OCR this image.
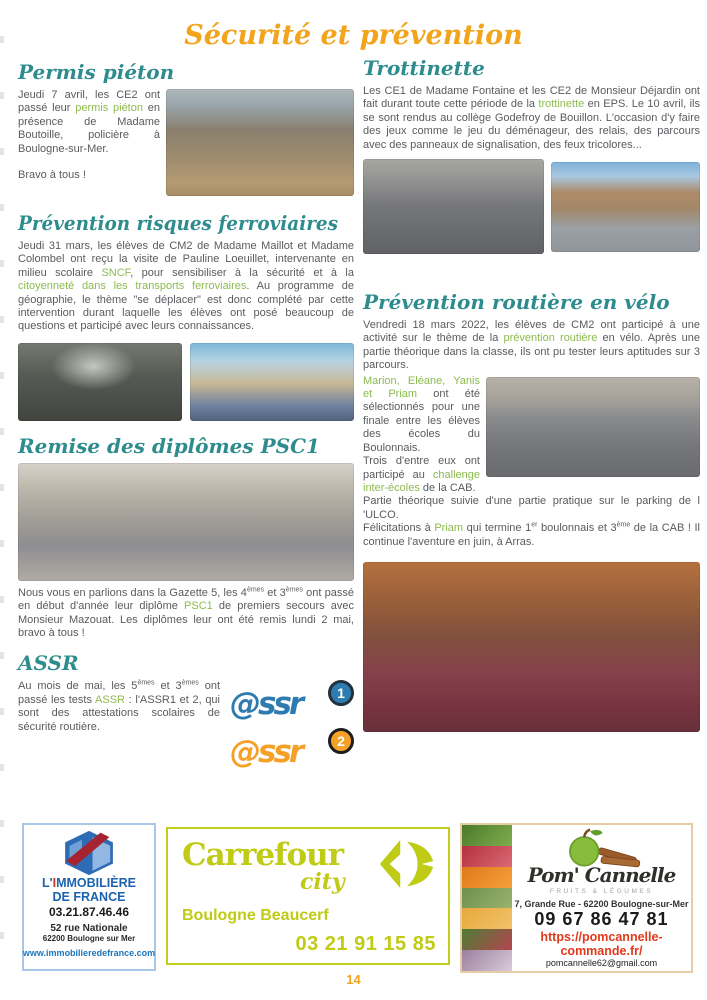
Sécurité et prévention
Permis piéton

Jeudi 7 avril, les CE2 ont passé leur permis piéton en présence de Madame Boutoille, policière à Boulogne-sur-Mer.

Bravo à tous !

Prévention risques ferroviaires

Jeudi 31 mars, les élèves de CM2 de Madame Maillot et Madame Colombel ont reçu la visite de Pauline Loeuillet, intervenante en milieu scolaire SNCF, pour sensibiliser à la sécurité et à la citoyenneté dans les transports ferroviaires. Au programme de géographie, le thème "se déplacer" est donc complété par cette intervention durant laquelle les élèves ont posé beaucoup de questions et participé avec leurs connaissances.

Remise des diplômes PSC1

Nous vous en parlions dans la Gazette 5, les 4èmes et 3èmes ont passé en début d'année leur diplôme PSC1 de premiers secours avec Monsieur Mazouat. Les diplômes leur ont été remis lundi 2 mai, bravo à tous !

ASSR

Au mois de mai, les 5èmes et 3èmes ont passé les tests ASSR : l'ASSR1 et 2, qui sont des attestations scolaires de sécurité routière.

@ssr	1
@ssr	2
Trottinette

Les CE1 de Madame Fontaine et les CE2 de Monsieur Déjardin ont fait durant toute cette période de la trottinette en EPS. Le 10 avril, ils se sont rendus au collège Godefroy de Bouillon. L'occasion d'y faire des jeux comme le jeu du déménageur, des relais, des parcours avec des panneaux de signalisation, des feux tricolores...

Prévention routière en vélo

Vendredi 18 mars 2022, les élèves de CM2 ont participé à une activité sur le thème de la prévention routière en vélo. Après une partie théorique dans la classe, ils ont pu tester leurs aptitudes sur 3 parcours.

Marion, Eléane, Yanis et Priam ont été sélectionnés pour une finale entre les élèves des écoles du Boulonnais.
Trois d'entre eux ont participé au challenge inter-écoles de la CAB.
Partie théorique suivie d'une partie pratique sur le parking de l 'ULCO.
Félicitations à Priam qui termine 1er boulonnais et 3ème de la CAB ! Il continue l'aventure en juin, à Arras.

L'IMMOBILIÈRE
DE FRANCE
03.21.87.46.46
52 rue Nationale
62200 Boulogne sur Mer
www.immobilieredefrance.com
Carrefour
city
Boulogne Beaucerf
03 21 91 15 85
Pom' Cannelle
FRUITS & LÉGUMES
7, Grande Rue - 62200 Boulogne-sur-Mer
09 67 86 47 81
https://pomcannelle-commande.fr/
pomcannelle62@gmail.com
14
